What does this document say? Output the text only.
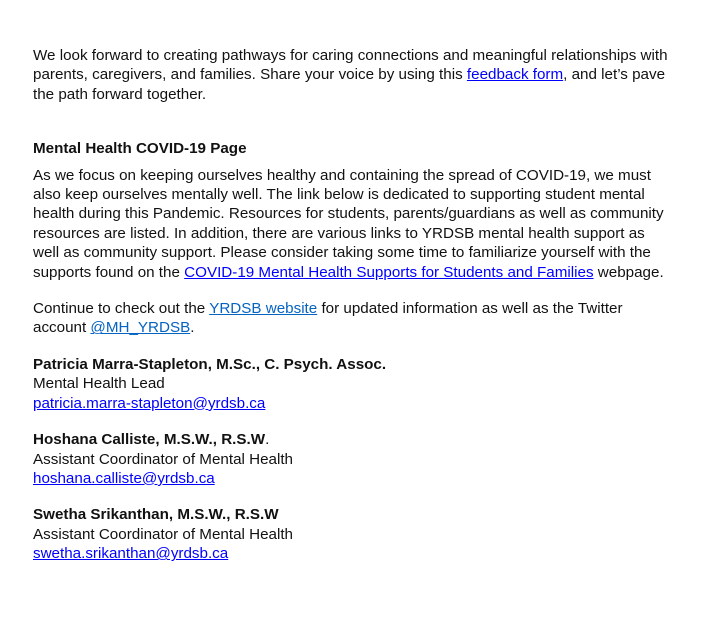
We look forward to creating pathways for caring connections and meaningful relationships with parents, caregivers, and families. Share your voice by using this feedback form, and let’s pave the path forward together.

Mental Health COVID-19 Page

As we focus on keeping ourselves healthy and containing the spread of COVID-19, we must also keep ourselves mentally well. The link below is dedicated to supporting student mental health during this Pandemic. Resources for students, parents/guardians as well as community resources are listed. In addition, there are various links to YRDSB mental health support as well as community support. Please consider taking some time to familiarize yourself with the supports found on the COVID-19 Mental Health Supports for Students and Families webpage.

Continue to check out the YRDSB website for updated information as well as the Twitter account @MH_YRDSB.

Patricia Marra-Stapleton, M.Sc., C. Psych. Assoc.
Mental Health Lead
patricia.marra-stapleton@yrdsb.ca
Hoshana Calliste, M.S.W., R.S.W.
Assistant Coordinator of Mental Health
hoshana.calliste@yrdsb.ca
Swetha Srikanthan, M.S.W., R.S.W
Assistant Coordinator of Mental Health
swetha.srikanthan@yrdsb.ca
